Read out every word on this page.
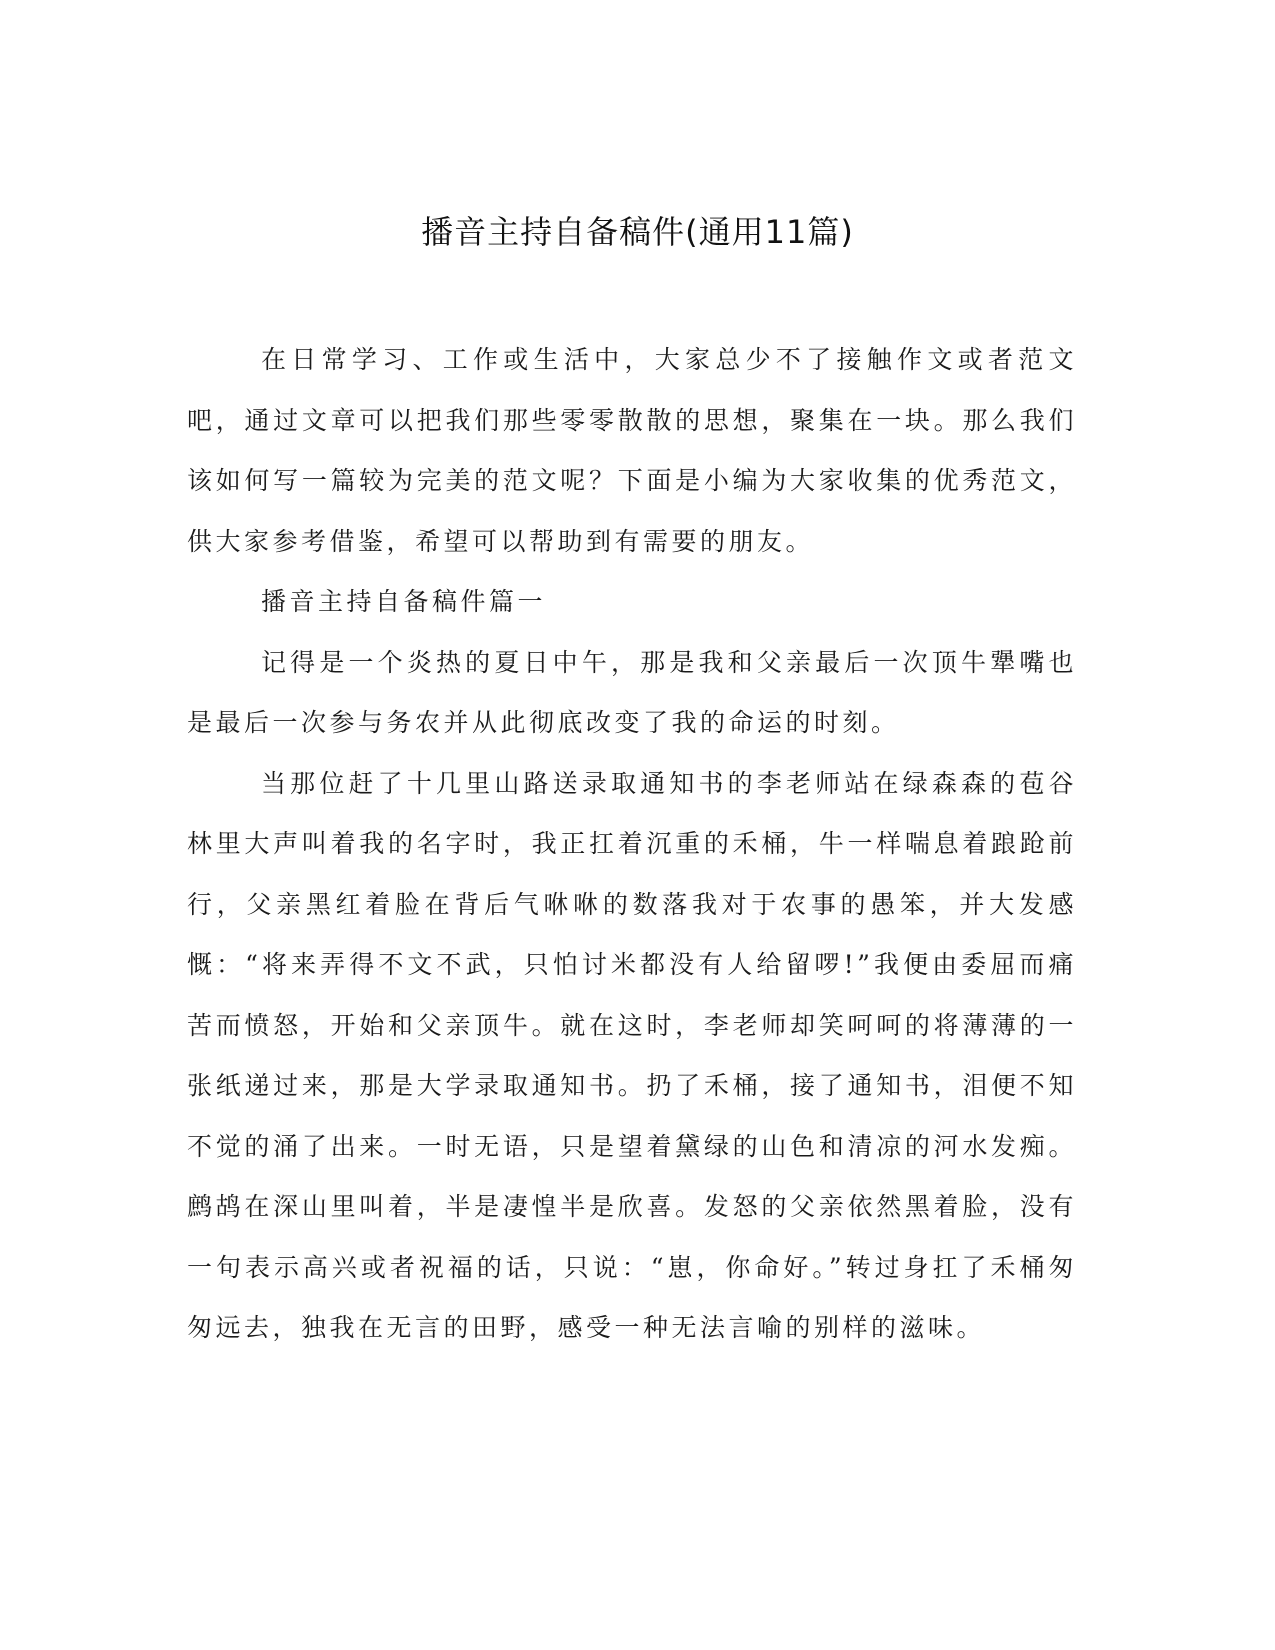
播音主持自备稿件(通用11篇)

在日常学习、工作或生活中，大家总少不了接触作文或者范文吧，通过文章可以把我们那些零零散散的思想，聚集在一块。那么我们该如何写一篇较为完美的范文呢？下面是小编为大家收集的优秀范文，供大家参考借鉴，希望可以帮助到有需要的朋友。

播音主持自备稿件篇一

记得是一个炎热的夏日中午，那是我和父亲最后一次顶牛犟嘴也是最后一次参与务农并从此彻底改变了我的命运的时刻。

当那位赶了十几里山路送录取通知书的李老师站在绿森森的苞谷林里大声叫着我的名字时，我正扛着沉重的禾桶，牛一样喘息着踉跄前行，父亲黑红着脸在背后气咻咻的数落我对于农事的愚笨，并大发感慨：“将来弄得不文不武，只怕讨米都没有人给留啰!”我便由委屈而痛苦而愤怒，开始和父亲顶牛。就在这时，李老师却笑呵呵的将薄薄的一张纸递过来，那是大学录取通知书。扔了禾桶，接了通知书，泪便不知不觉的涌了出来。一时无语，只是望着黛绿的山色和清凉的河水发痴。鹧鸪在深山里叫着，半是凄惶半是欣喜。发怒的父亲依然黑着脸，没有一句表示高兴或者祝福的话，只说：“崽，你命好。”转过身扛了禾桶匆匆远去，独我在无言的田野，感受一种无法言喻的别样的滋味。
